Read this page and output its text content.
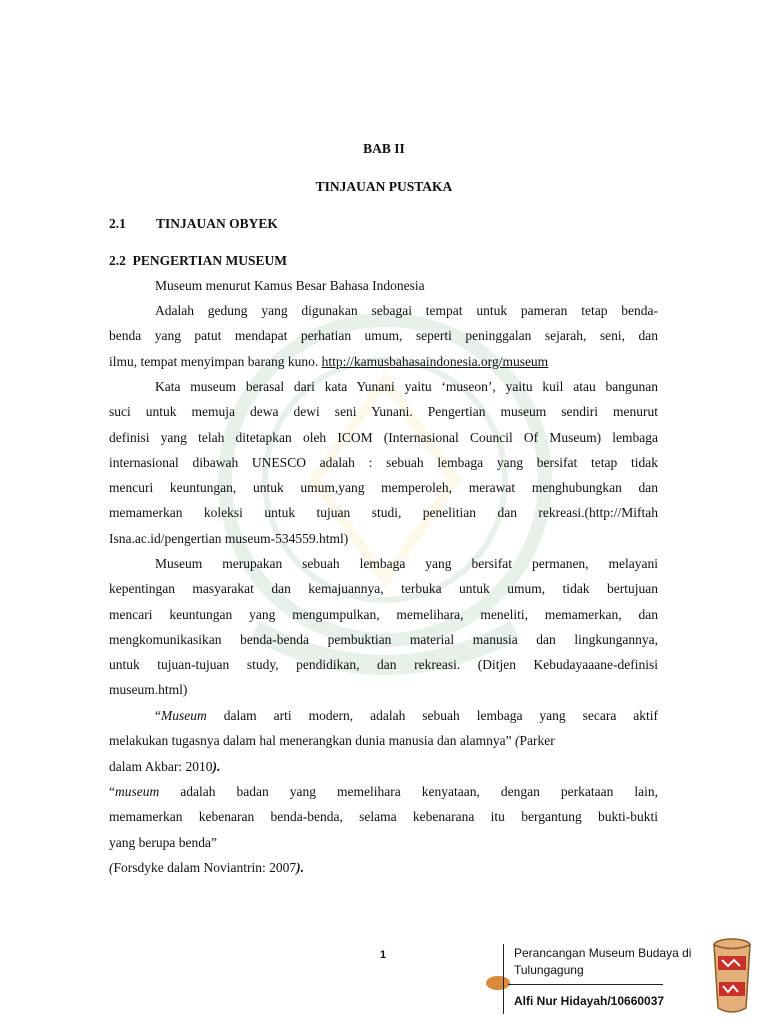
BAB II
TINJAUAN PUSTAKA
2.1 TINJAUAN OBYEK
2.2  PENGERTIAN MUSEUM
Museum menurut Kamus Besar Bahasa Indonesia
Adalah gedung yang digunakan sebagai tempat untuk pameran tetap benda-
benda yang patut mendapat perhatian umum, seperti peninggalan sejarah, seni, dan
ilmu, tempat menyimpan barang kuno. http://kamusbahasaindonesia.org/museum
Kata museum berasal dari kata Yunani yaitu ‘museon’, yaitu kuil atau bangunan
suci untuk memuja dewa dewi seni Yunani. Pengertian museum sendiri menurut
definisi yang telah ditetapkan oleh ICOM (Internasional Council Of Museum) lembaga
internasional dibawah UNESCO adalah : sebuah lembaga yang bersifat tetap tidak
mencuri keuntungan, untuk umum,yang memperoleh, merawat menghubungkan dan
memamerkan koleksi untuk tujuan studi, penelitian dan rekreasi.(http://Miftah
Isna.ac.id/pengertian museum-534559.html)
Museum merupakan sebuah lembaga yang bersifat permanen, melayani
kepentingan masyarakat dan kemajuannya, terbuka untuk umum, tidak bertujuan
mencari keuntungan yang mengumpulkan, memelihara, meneliti, memamerkan, dan
mengkomunikasikan benda-benda pembuktian material manusia dan lingkungannya,
untuk tujuan-tujuan study, pendidikan, dan rekreasi. (Ditjen Kebudayaaane-definisi
museum.html)
“Museum dalam arti modern, adalah sebuah lembaga yang secara aktif
melakukan tugasnya dalam hal menerangkan dunia manusia dan alamnya” (Parker
dalam Akbar: 2010).
“museum adalah badan yang memelihara kenyataan, dengan perkataan lain,
memamerkan kebenaran benda-benda, selama kebenarana itu bergantung bukti-bukti
yang berupa benda”
(Forsdyke dalam Noviantrin: 2007).
1	Perancangan Museum Budaya di Tulungagung
Alfi Nur Hidayah/10660037
